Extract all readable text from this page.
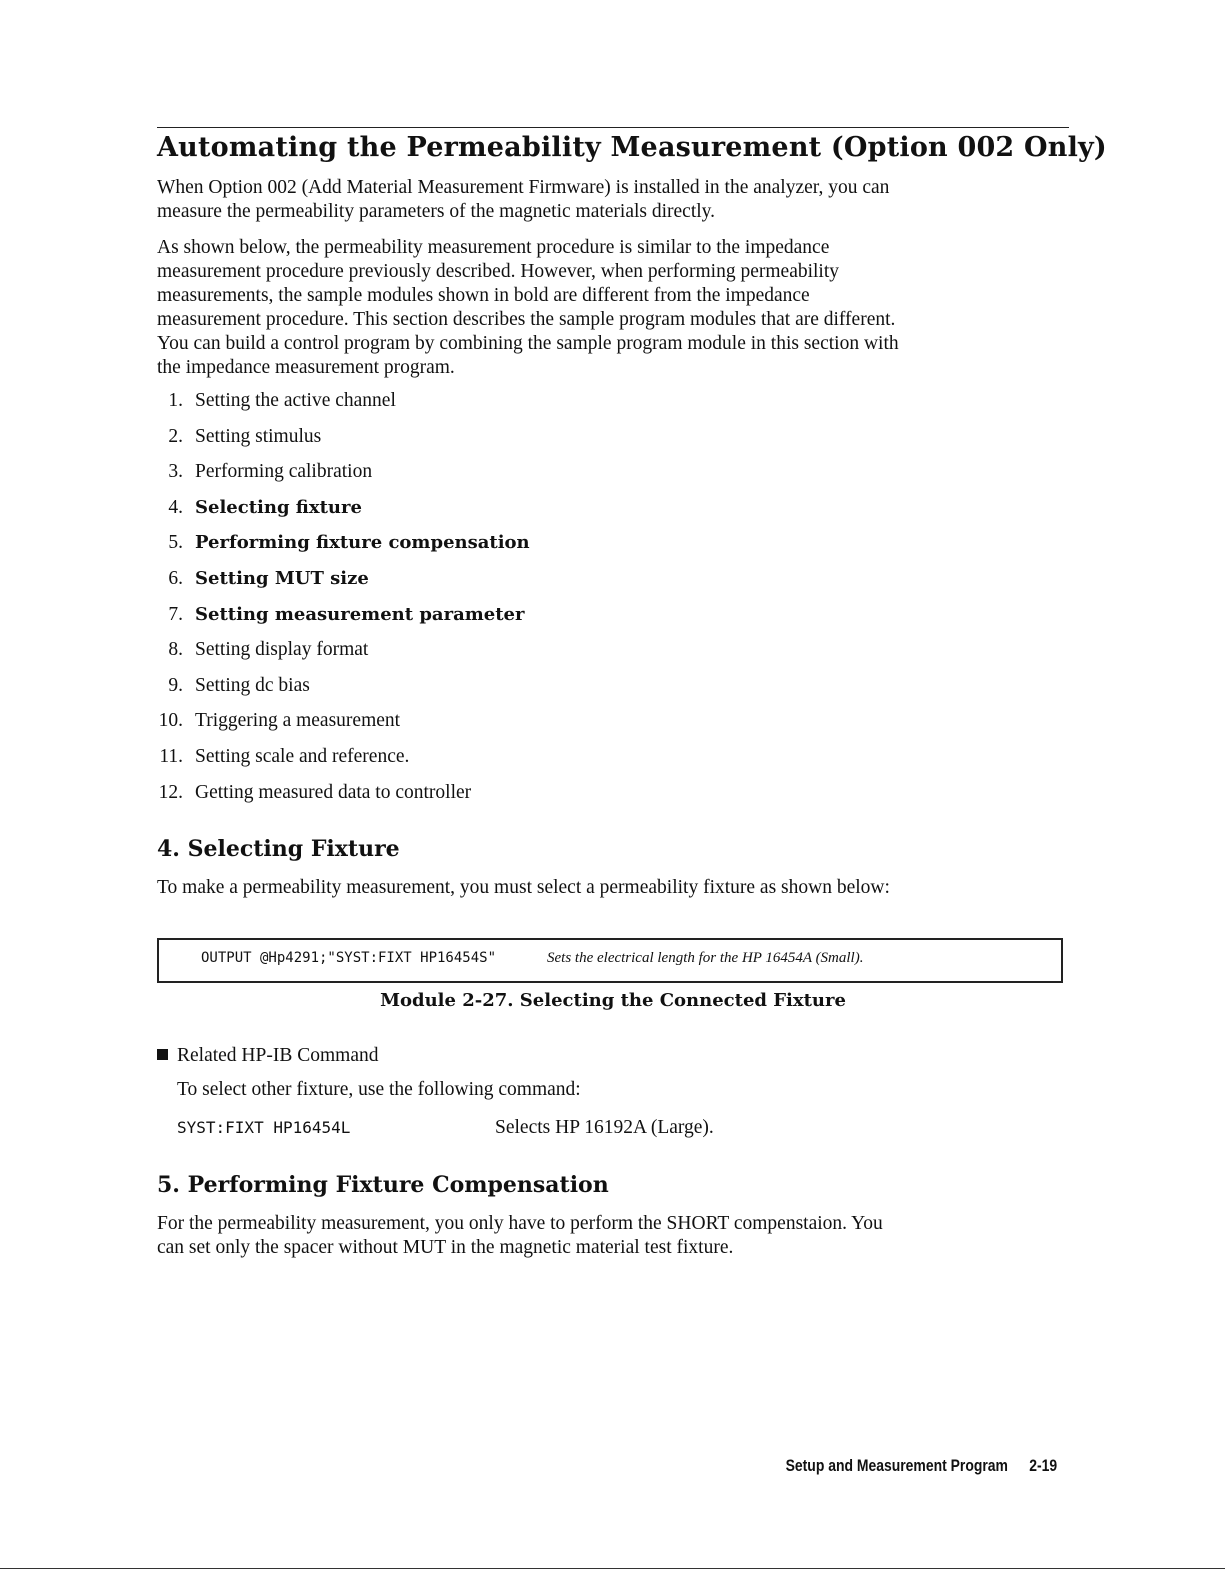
Automating the Permeability Measurement (Option 002 Only)

When Option 002 (Add Material Measurement Firmware) is installed in the analyzer, you can

measure the permeability parameters of the magnetic materials directly.

As shown below, the permeability measurement procedure is similar to the impedance

measurement procedure previously described. However, when performing permeability

measurements, the sample modules shown in bold are different from the impedance

measurement procedure. This section describes the sample program modules that are different.

You can build a control program by combining the sample program module in this section with

the impedance measurement program.

1. Setting the active channel
2. Setting stimulus
3. Performing calibration
4. Selecting fixture
5. Performing fixture compensation
6. Setting MUT size
7. Setting measurement parameter
8. Setting display format
9. Setting dc bias
10. Triggering a measurement
11. Setting scale and reference.
12. Getting measured data to controller
4. Selecting Fixture

To make a permeability measurement, you must select a permeability fixture as shown below:

OUTPUT @Hp4291;"SYST:FIXT HP16454S"	Sets the electrical length for the HP 16454A (Small).
Module 2-27. Selecting the Connected Fixture

Related HP-IB Command

To select other fixture, use the following command:

SYST:FIXT HP16454L	Selects HP 16192A (Large).

5. Performing Fixture Compensation

For the permeability measurement, you only have to perform the SHORT compenstaion. You

can set only the spacer without MUT in the magnetic material test fixture.

Setup and Measurement Program 2-19
